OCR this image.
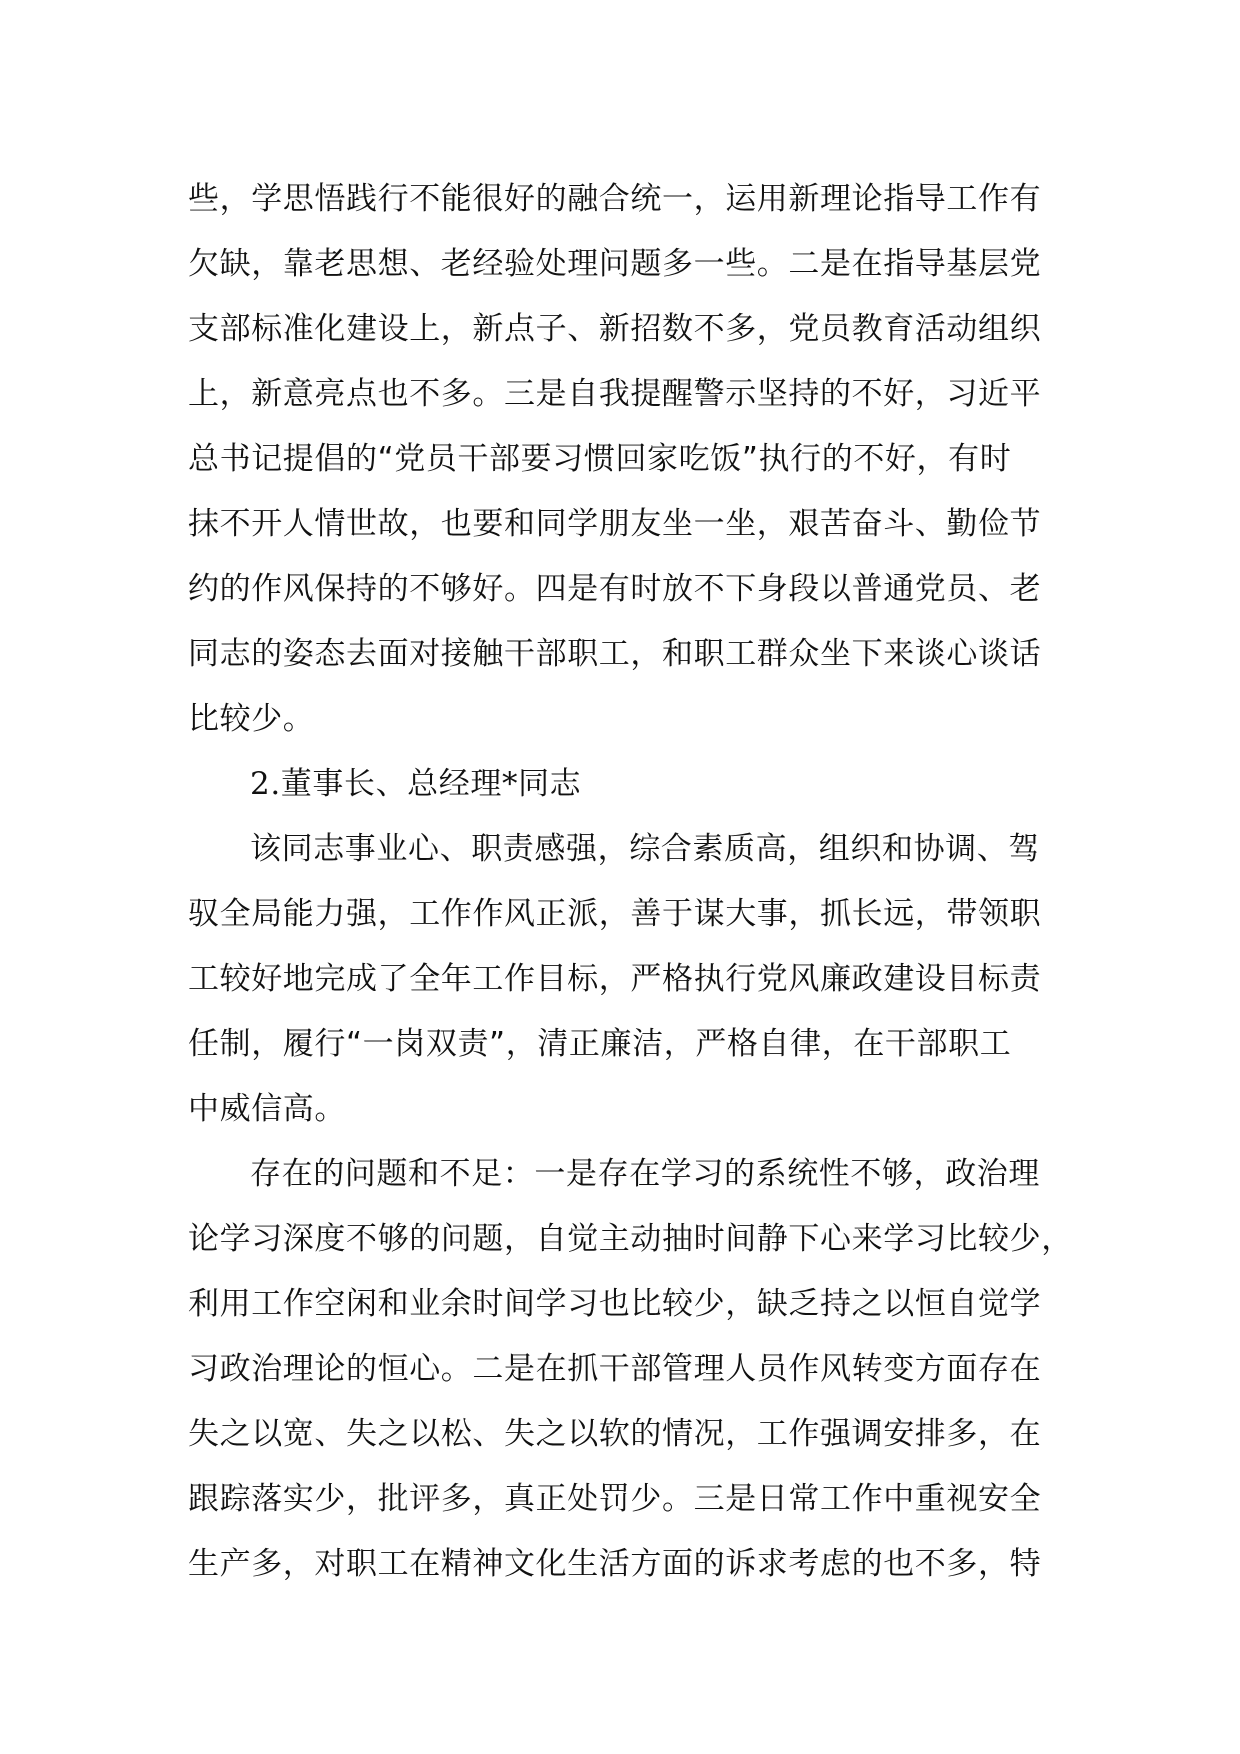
些，学思悟践行不能很好的融合统一，运用新理论指导工作有
欠缺，靠老思想、老经验处理问题多一些。二是在指导基层党
支部标准化建设上，新点子、新招数不多，党员教育活动组织
上，新意亮点也不多。三是自我提醒警示坚持的不好，习近平
总书记提倡的“党员干部要习惯回家吃饭”执行的不好，有时
抹不开人情世故，也要和同学朋友坐一坐，艰苦奋斗、勤俭节
约的作风保持的不够好。四是有时放不下身段以普通党员、老
同志的姿态去面对接触干部职工，和职工群众坐下来谈心谈话
比较少。
2.董事长、总经理*同志
该同志事业心、职责感强，综合素质高，组织和协调、驾
驭全局能力强，工作作风正派，善于谋大事，抓长远，带领职
工较好地完成了全年工作目标，严格执行党风廉政建设目标责
任制，履行“一岗双责”，清正廉洁，严格自律，在干部职工
中威信高。
存在的问题和不足：一是存在学习的系统性不够，政治理
论学习深度不够的问题，自觉主动抽时间静下心来学习比较少，
利用工作空闲和业余时间学习也比较少，缺乏持之以恒自觉学
习政治理论的恒心。二是在抓干部管理人员作风转变方面存在
失之以宽、失之以松、失之以软的情况，工作强调安排多，在
跟踪落实少，批评多，真正处罚少。三是日常工作中重视安全
生产多，对职工在精神文化生活方面的诉求考虑的也不多，特
